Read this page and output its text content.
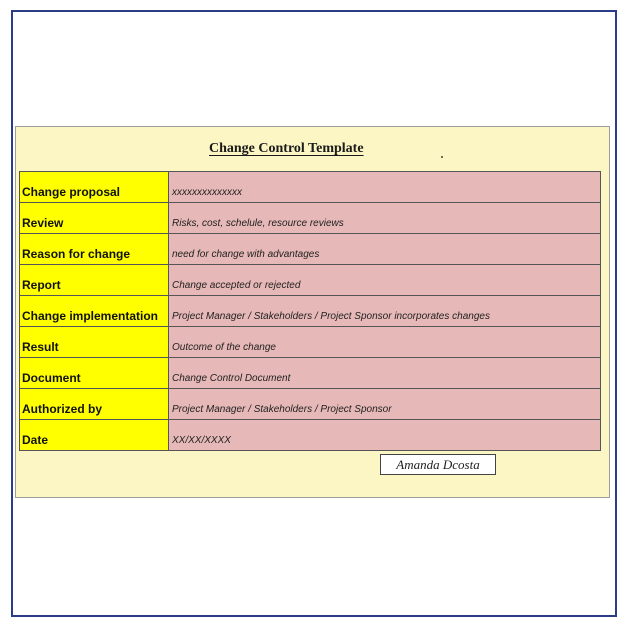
Change Control Template
Change proposal	xxxxxxxxxxxxxx
Review	Risks, cost, schelule, resource reviews
Reason for change	need for change with advantages
Report	Change accepted or rejected
Change implementation	Project Manager / Stakeholders / Project Sponsor incorporates changes
Result	Outcome of the change
Document	Change Control Document
Authorized by	Project Manager / Stakeholders / Project Sponsor
Date	XX/XX/XXXX
Amanda Dcosta
